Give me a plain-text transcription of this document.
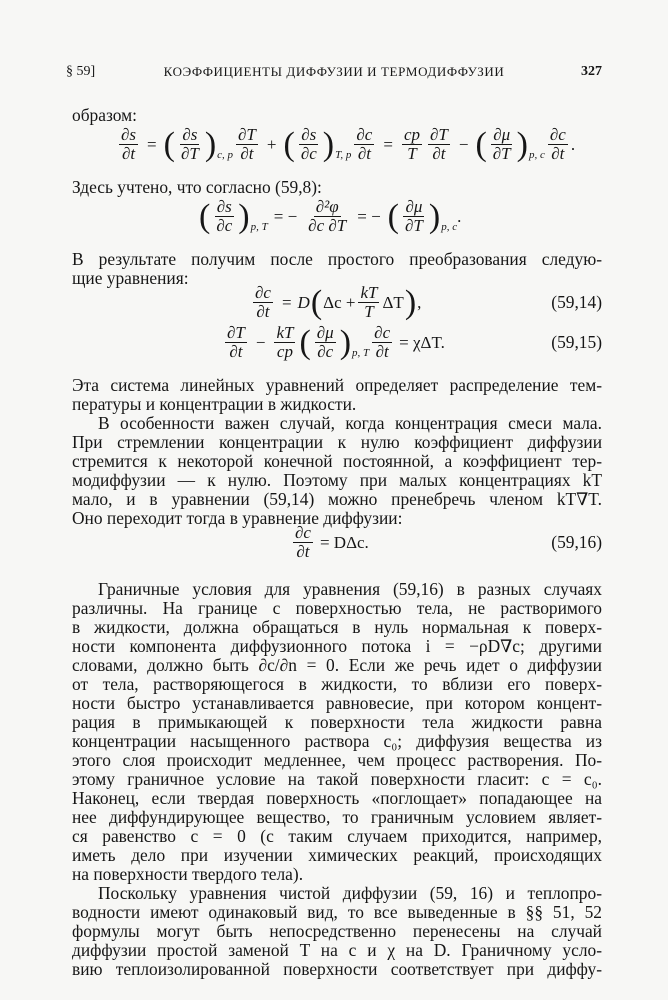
§ 59]	КОЭФФИЦИЕНТЫ ДИФФУЗИИ И ТЕРМОДИФФУЗИИ	327
образом:
$\frac{\partial s}{\partial t}$ = ( $\frac{\partial s}{\partial T}$ ) c, p $\frac{\partial T}{\partial t}$ + ( $\frac{\partial s}{\partial c}$ ) T, p $\frac{\partial c}{\partial t} = \frac{cp}{T} \frac{\partial T}{\partial t}$ − ( $\frac{\partial\mu}{\partial T}$ ) p, c $\frac{\partial c}{\partial t}$ .
Здесь учтено, что согласно (59,8):
( $\frac{\partial s}{\partial c}$ ) p, T
= − $\frac{\text{∂²φ}}{\partial c \partial T}$ = − ( $\frac{\partial\mu}{\partial T}$ ) p, c
.
В результате получим после простого преобразования следую-
щие уравнения:
$\frac{\partial c}{\partial t} = D$ ( $\Delta c + \frac{kT}{T}$ ΔT ) ,	(59,14)
$\frac{\partial T}{\partial t} - \frac{kT}{cp}$ ( $\frac{\partial\mu}{\partial c}$ ) p, T $\frac{\partial c}{\partial t} = \chi\Delta T$.	(59,15)
Эта система линейных уравнений определяет распределение тем-
пературы и концентрации в жидкости.
В особенности важен случай, когда концентрация смеси мала.
При стремлении концентрации к нулю коэффициент диффузии
стремится к некоторой конечной постоянной, а коэффициент тер-
модиффузии — к нулю. Поэтому при малых концентрациях kT
мало, и в уравнении (59,14) можно пренебречь членом kT∇T.
Оно переходит тогда в уравнение диффузии:
$\frac{\partial c}{\partial t} = D\Delta c$.	(59,16)
Граничные условия для уравнения (59,16) в разных случаях
различны. На границе с поверхностью тела, не растворимого
в жидкости, должна обращаться в нуль нормальная к поверх-
ности компонента диффузионного потока i = −ρD∇c; другими
словами, должно быть ∂c/∂n = 0. Если же речь идет о диффузии
от тела, растворяющегося в жидкости, то вблизи его поверх-
ности быстро устанавливается равновесие, при котором концент-
рация в примыкающей к поверхности тела жидкости равна
концентрации насыщенного раствора c₀; диффузия вещества из
этого слоя происходит медленнее, чем процесс растворения. По-
этому граничное условие на такой поверхности гласит: c = c₀.
Наконец, если твердая поверхность «поглощает» попадающее на
нее диффундирующее вещество, то граничным условием являет-
ся равенство c = 0 (с таким случаем приходится, например,
иметь дело при изучении химических реакций, происходящих
на поверхности твердого тела).
Поскольку уравнения чистой диффузии (59, 16) и теплопро-
водности имеют одинаковый вид, то все выведенные в §§ 51, 52
формулы могут быть непосредственно перенесены на случай
диффузии простой заменой T на c и χ на D. Граничному усло-
вию теплоизолированной поверхности соответствует при диффу-
